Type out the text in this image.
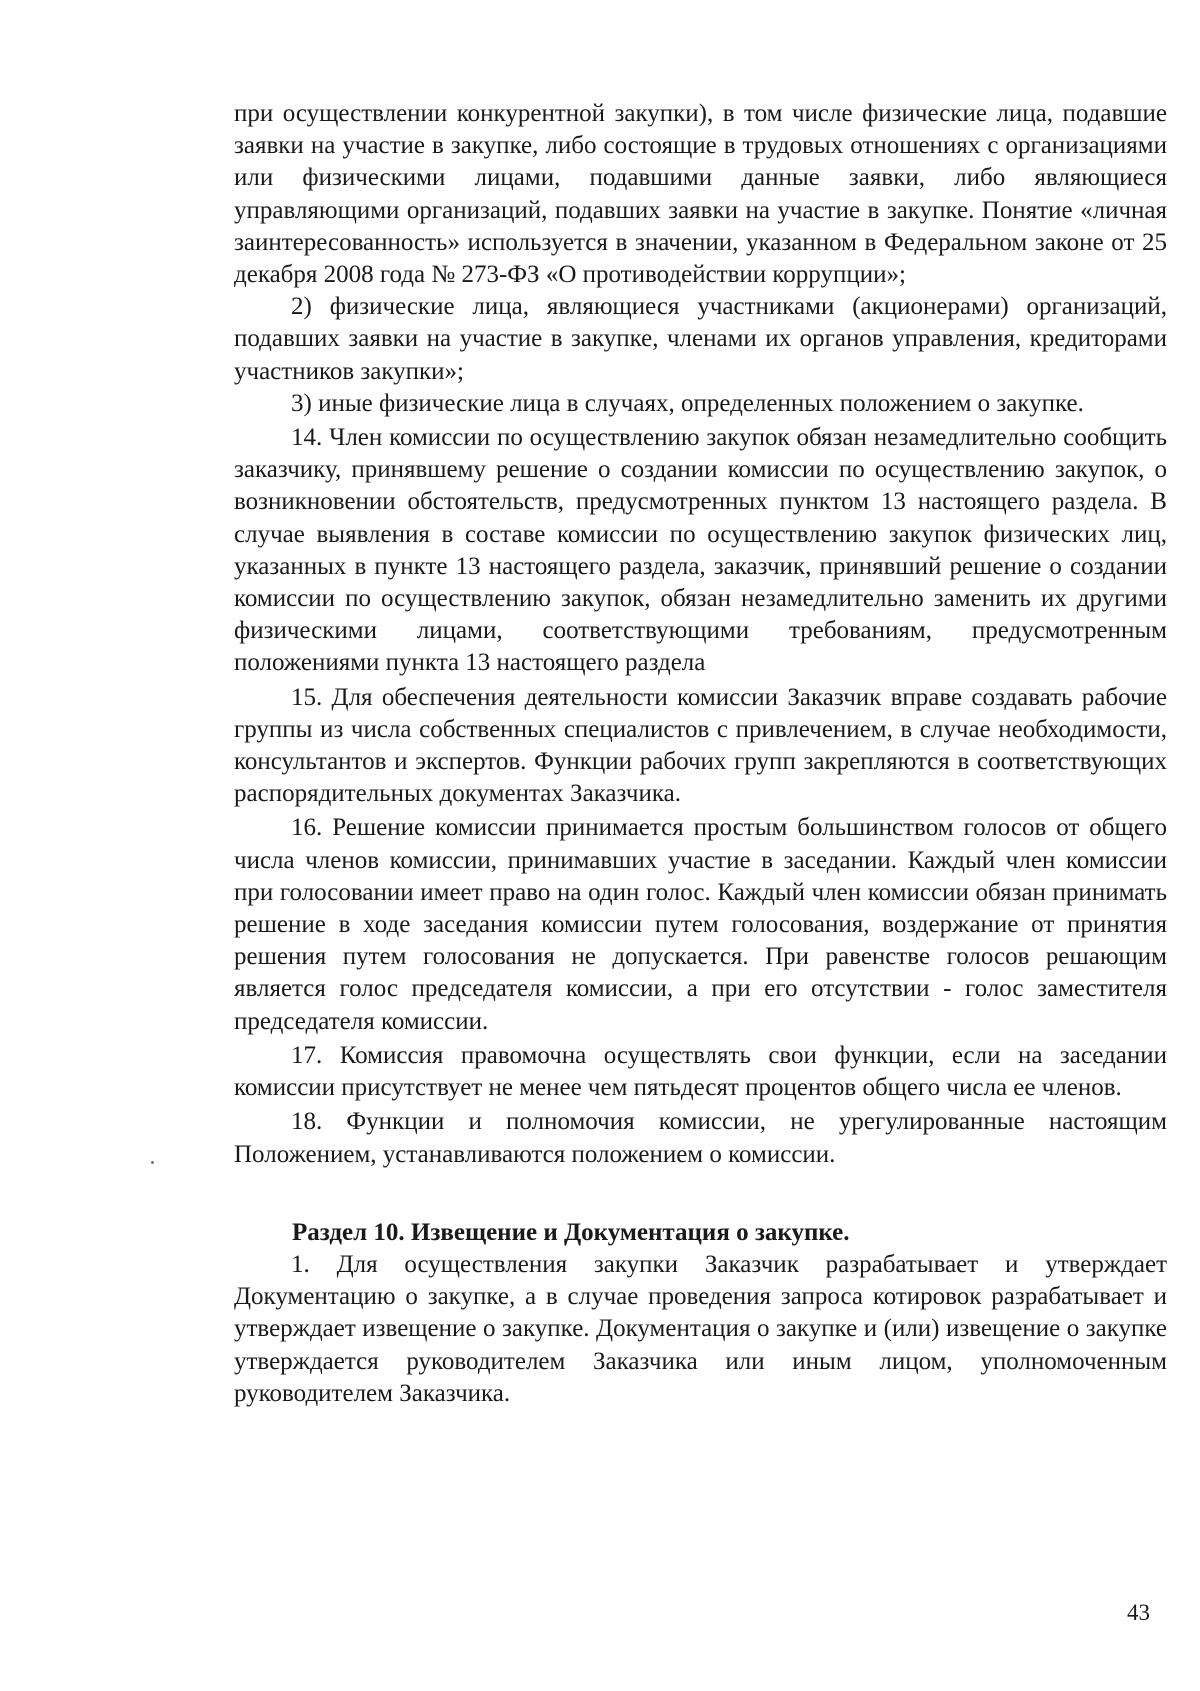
при осуществлении конкурентной закупки), в том числе физические лица, подавшие заявки на участие в закупке, либо состоящие в трудовых отношениях с организациями или физическими лицами, подавшими данные заявки, либо являющиеся управляющими организаций, подавших заявки на участие в закупке. Понятие «личная заинтересованность» используется в значении, указанном в Федеральном законе от 25 декабря 2008 года № 273-ФЗ «О противодействии коррупции»;

2) физические лица, являющиеся участниками (акционерами) организаций, подавших заявки на участие в закупке, членами их органов управления, кредиторами участников закупки»;

3) иные физические лица в случаях, определенных положением о закупке.

14. Член комиссии по осуществлению закупок обязан незамедлительно сообщить заказчику, принявшему решение о создании комиссии по осуществлению закупок, о возникновении обстоятельств, предусмотренных пунктом 13 настоящего раздела. В случае выявления в составе комиссии по осуществлению закупок физических лиц, указанных в пункте 13 настоящего раздела, заказчик, принявший решение о создании комиссии по осуществлению закупок, обязан незамедлительно заменить их другими физическими лицами, соответствующими требованиям, предусмотренным положениями пункта 13 настоящего раздела

15. Для обеспечения деятельности комиссии Заказчик вправе создавать рабочие группы из числа собственных специалистов с привлечением, в случае необходимости, консультантов и экспертов. Функции рабочих групп закрепляются в соответствующих распорядительных документах Заказчика.

16. Решение комиссии принимается простым большинством голосов от общего числа членов комиссии, принимавших участие в заседании. Каждый член комиссии при голосовании имеет право на один голос. Каждый член комиссии обязан принимать решение в ходе заседания комиссии путем голосования, воздержание от принятия решения путем голосования не допускается. При равенстве голосов решающим является голос председателя комиссии, а при его отсутствии - голос заместителя председателя комиссии.

17. Комиссия правомочна осуществлять свои функции, если на заседании комиссии присутствует не менее чем пятьдесят процентов общего числа ее членов.

18. Функции и полномочия комиссии, не урегулированные настоящим Положением, устанавливаются положением о комиссии.

Раздел 10. Извещение и Документация о закупке.

1. Для осуществления закупки Заказчик разрабатывает и утверждает Документацию о закупке, а в случае проведения запроса котировок разрабатывает и утверждает извещение о закупке. Документация о закупке и (или) извещение о закупке утверждается руководителем Заказчика или иным лицом, уполномоченным руководителем Заказчика.

43
